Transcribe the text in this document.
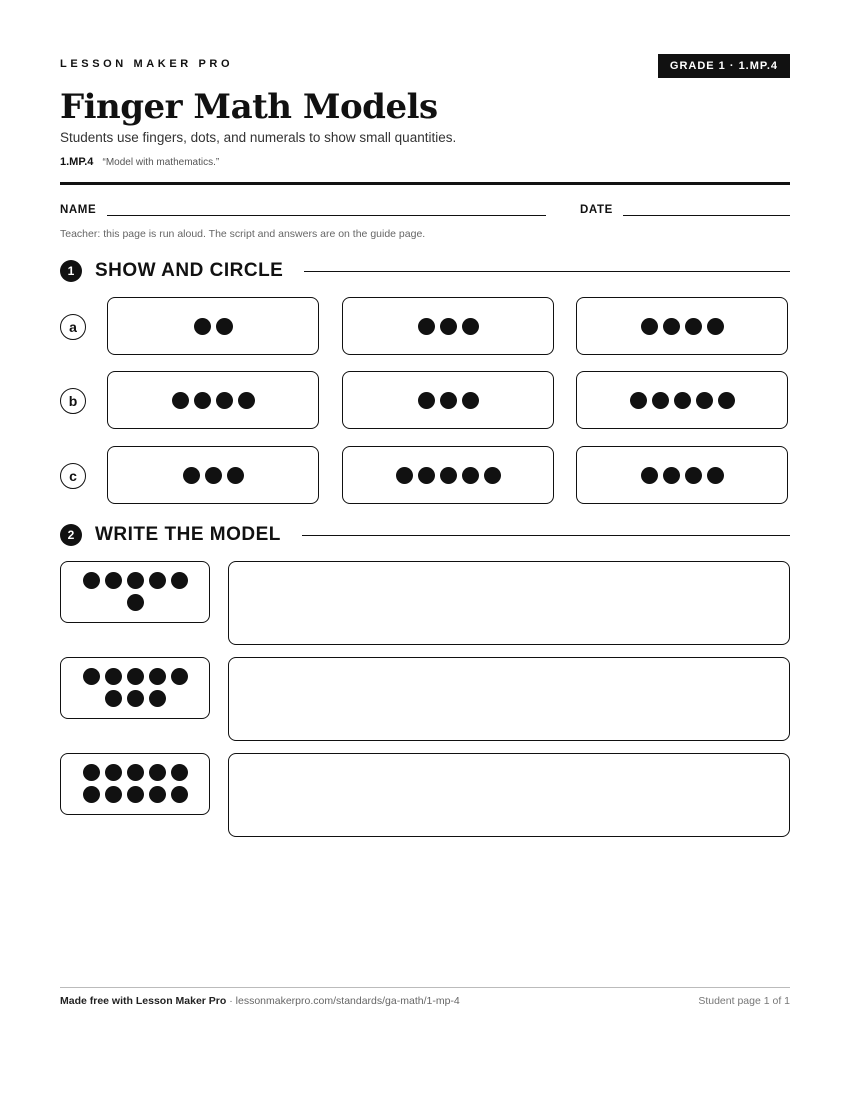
LESSON MAKER PRO	GRADE 1 · 1.MP.4
Finger Math Models
Students use fingers, dots, and numerals to show small quantities.
1.MP.4 “Model with mathematics.”
NAME	DATE
Teacher: this page is run aloud. The script and answers are on the guide page.
1	SHOW AND CIRCLE
a
b
c
2	WRITE THE MODEL
Made free with Lesson Maker Pro · lessonmakerpro.com/standards/ga-math/1-mp-4	Student page 1 of 1
